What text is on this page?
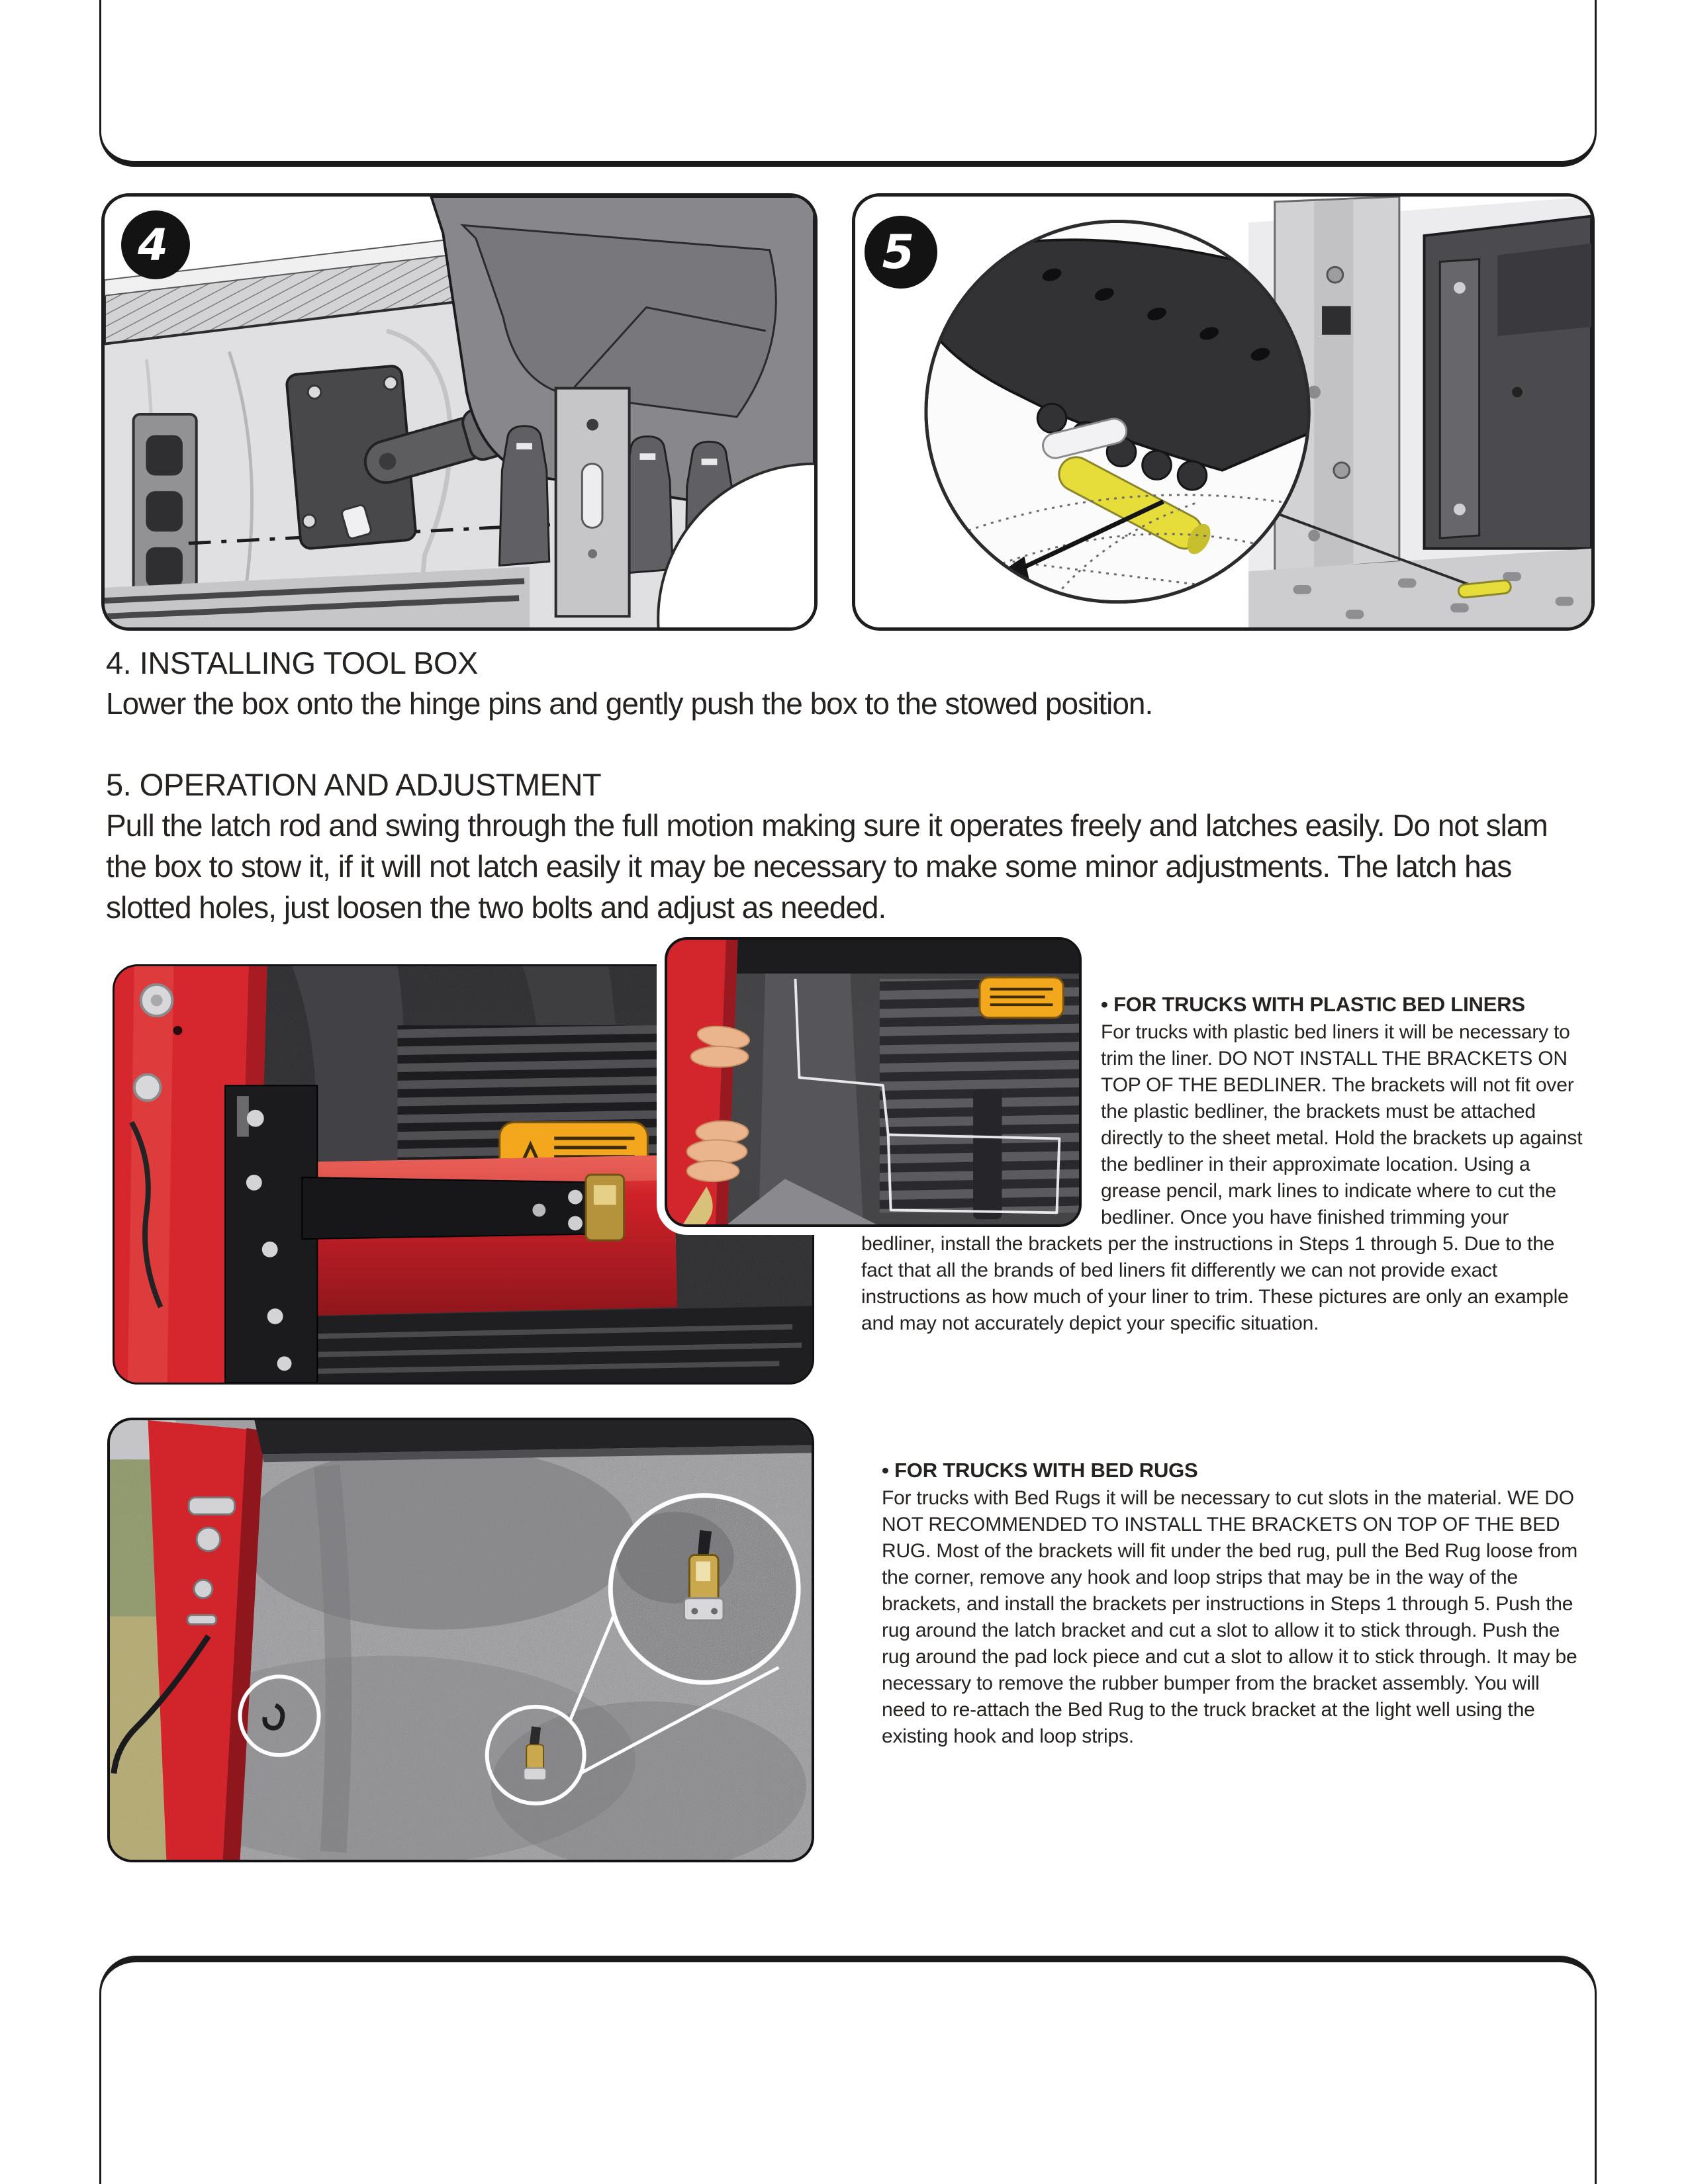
4	5
4. INSTALLING TOOL BOX
Lower the box onto the hinge pins and gently push the box to the stowed position.
5. OPERATION AND ADJUSTMENT
Pull the latch rod and swing through the full motion making sure it operates freely and latches easily. Do not slam the box to stow it, if it will not latch easily it may be necessary to make some minor adjustments. The latch has slotted holes, just loosen the two bolts and adjust as needed.
• FOR TRUCKS WITH PLASTIC BED LINERS
For trucks with plastic bed liners it will be necessary to trim the liner. DO NOT INSTALL THE BRACKETS ON TOP OF THE BEDLINER. The brackets will not fit over the plastic bedliner, the brackets must be attached directly to the sheet metal. Hold the brackets up against the bedliner in their approximate location. Using a grease pencil, mark lines to indicate where to cut the bedliner. Once you have finished trimming your bedliner, install the brackets per the instructions in Steps 1 through 5. Due to the fact that all the brands of bed liners fit differently we can not provide exact instructions as how much of your liner to trim. These pictures are only an example and may not accurately depict your specific situation.
• FOR TRUCKS WITH BED RUGS
For trucks with Bed Rugs it will be necessary to cut slots in the material. WE DO NOT RECOMMENDED TO INSTALL THE BRACKETS ON TOP OF THE BED RUG. Most of the brackets will fit under the bed rug, pull the Bed Rug loose from the corner, remove any hook and loop strips that may be in the way of the brackets, and install the brackets per instructions in Steps 1 through 5. Push the rug around the latch bracket and cut a slot to allow it to stick through. Push the rug around the pad lock piece and cut a slot to allow it to stick through. It may be necessary to remove the rubber bumper from the bracket assembly. You will need to re-attach the Bed Rug to the truck bracket at the light well using the existing hook and loop strips.
